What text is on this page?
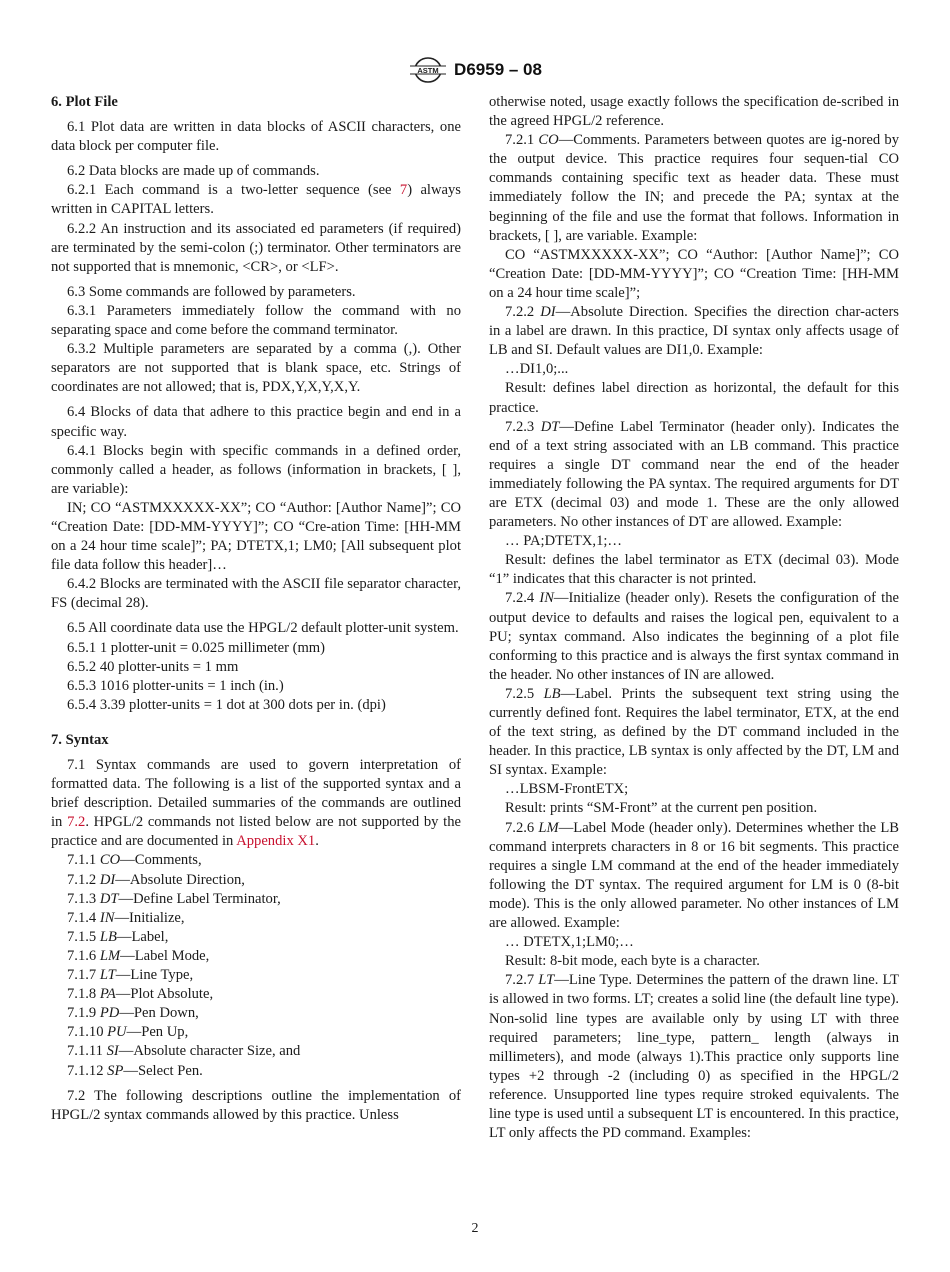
ASTM D6959 – 08

6. Plot File

6.1 Plot data are written in data blocks of ASCII characters, one data block per computer file.

6.2 Data blocks are made up of commands.

6.2.1 Each command is a two-letter sequence (see 7) always written in CAPITAL letters.

6.2.2 An instruction and its associated ed parameters (if required) are terminated by the semi-colon (;) terminator. Other terminators are not supported that is mnemonic, <CR>, or <LF>.

6.3 Some commands are followed by parameters.

6.3.1 Parameters immediately follow the command with no separating space and come before the command terminator.

6.3.2 Multiple parameters are separated by a comma (,). Other separators are not supported that is blank space, etc. Strings of coordinates are not allowed; that is, PDX,Y,X,Y,X,Y.

6.4 Blocks of data that adhere to this practice begin and end in a specific way.

6.4.1 Blocks begin with specific commands in a defined order, commonly called a header, as follows (information in brackets, [ ], are variable):

IN; CO “ASTMXXXXX-XX”; CO “Author: [Author Name]”; CO “Creation Date: [DD-MM-YYYY]”; CO “Cre-ation Time: [HH-MM on a 24 hour time scale]”; PA; DTETX,1; LM0; [All subsequent plot file data follow this header]…

6.4.2 Blocks are terminated with the ASCII file separator character, FS (decimal 28).

6.5 All coordinate data use the HPGL/2 default plotter-unit system.

6.5.1 1 plotter-unit = 0.025 millimeter (mm)

6.5.2 40 plotter-units = 1 mm

6.5.3 1016 plotter-units = 1 inch (in.)

6.5.4 3.39 plotter-units = 1 dot at 300 dots per in. (dpi)

7. Syntax

7.1 Syntax commands are used to govern interpretation of formatted data. The following is a list of the supported syntax and a brief description. Detailed summaries of the commands are outlined in 7.2. HPGL/2 commands not listed below are not supported by the practice and are documented in Appendix X1.

7.1.1 CO—Comments,

7.1.2 DI—Absolute Direction,

7.1.3 DT—Define Label Terminator,

7.1.4 IN—Initialize,

7.1.5 LB—Label,

7.1.6 LM—Label Mode,

7.1.7 LT—Line Type,

7.1.8 PA—Plot Absolute,

7.1.9 PD—Pen Down,

7.1.10 PU—Pen Up,

7.1.11 SI—Absolute character Size, and

7.1.12 SP—Select Pen.

7.2 The following descriptions outline the implementation of HPGL/2 syntax commands allowed by this practice. Unless

otherwise noted, usage exactly follows the specification de-scribed in the agreed HPGL/2 reference.

7.2.1 CO—Comments. Parameters between quotes are ig-nored by the output device. This practice requires four sequen-tial CO commands containing specific text as header data. These must immediately follow the IN; and precede the PA; syntax at the beginning of the file and use the format that follows. Information in brackets, [ ], are variable. Example:

CO “ASTMXXXXX-XX”; CO “Author: [Author Name]”; CO “Creation Date: [DD-MM-YYYY]”; CO “Creation Time: [HH-MM on a 24 hour time scale]”;

7.2.2 DI—Absolute Direction. Specifies the direction char-acters in a label are drawn. In this practice, DI syntax only affects usage of LB and SI. Default values are DI1,0. Example:

…DI1,0;...

Result: defines label direction as horizontal, the default for this practice.

7.2.3 DT—Define Label Terminator (header only). Indicates the end of a text string associated with an LB command. This practice requires a single DT command near the end of the header immediately following the PA syntax. The required arguments for DT are ETX (decimal 03) and mode 1. These are the only allowed parameters. No other instances of DT are allowed. Example:

… PA;DTETX,1;…

Result: defines the label terminator as ETX (decimal 03). Mode “1” indicates that this character is not printed.

7.2.4 IN—Initialize (header only). Resets the configuration of the output device to defaults and raises the logical pen, equivalent to a PU; syntax command. Also indicates the beginning of a plot file conforming to this practice and is always the first syntax command in the header. No other instances of IN are allowed.

7.2.5 LB—Label. Prints the subsequent text string using the currently defined font. Requires the label terminator, ETX, at the end of the text string, as defined by the DT command included in the header. In this practice, LB syntax is only affected by the DT, LM and SI syntax. Example:

…LBSM-FrontETX;

Result: prints “SM-Front” at the current pen position.

7.2.6 LM—Label Mode (header only). Determines whether the LB command interprets characters in 8 or 16 bit segments. This practice requires a single LM command at the end of the header immediately following the DT syntax. The required argument for LM is 0 (8-bit mode). This is the only allowed parameter. No other instances of LM are allowed. Example:

… DTETX,1;LM0;…

Result: 8-bit mode, each byte is a character.

7.2.7 LT—Line Type. Determines the pattern of the drawn line. LT is allowed in two forms. LT; creates a solid line (the default line type). Non-solid line types are available only by using LT with three required parameters; line_type, pattern_ length (always in millimeters), and mode (always 1).This practice only supports line types +2 through -2 (including 0) as specified in the HPGL/2 reference. Unsupported line types require stroked equivalents. The line type is used until a subsequent LT is encountered. In this practice, LT only affects the PD command. Examples:

2
